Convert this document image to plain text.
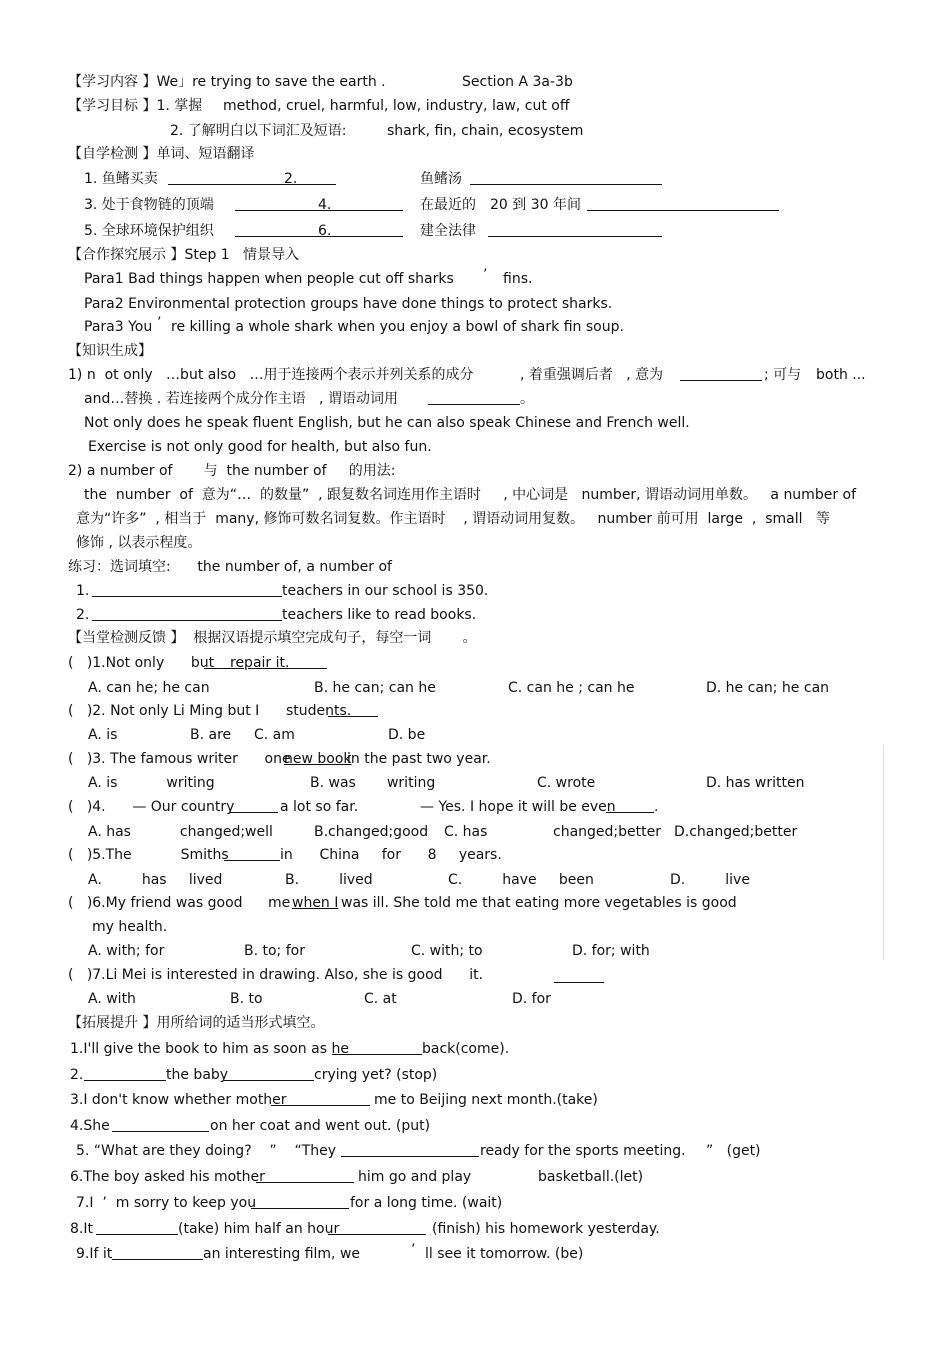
【学习内容 】We」re trying to save the earth .	Section A 3a-3b
【学习目标 】1. 掌握 method, cruel, harmful, low, industry, law, cut off
2. 了解明白以下词汇及短语:	shark, fin, chain, ecosystem
【自学检测 】单词、短语翻译
1. 鱼鳍买卖	2.	鱼鳍汤
3. 处于食物链的顶端	4.	在最近的 20 到 30 年间
5. 全球环境保护组织	6.	建全法律
【合作探究展示 】Step 1   情景导入
Para1 Bad things happen when people cut off sharks ’ fins.
Para2 Environmental protection groups have done things to protect sharks.
Para3 You ’ re killing a whole shark when you enjoy a bowl of shark fin soup.
【知识生成】
1) n  ot only   …but also   …用于连接两个表示并列关系的成分	, 着重强调后者   , 意为	; 可与 both ...
and…替换 . 若连接两个成分作主语   , 谓语动词用	。
Not only does he speak fluent English, but he can also speak Chinese and French well.
Exercise is not only good for health, but also fun.
2) a number of       与  the number of     的用法:
the  number  of  意为“…  的数量”  , 跟复数名词连用作主语时     , 中心词是   number, 谓语动词用单数。   a number of
意为“许多”  , 相当于  many, 修饰可数名词复数。作主语时    , 谓语动词用复数。   number 前可用  large  ,  small   等
修饰 , 以表示程度。
练习：选词填空:      the number of, a number of
1.	teachers in our school is 350.
2.	teachers like to read books.
【当堂检测反馈 】  根据汉语提示填空完成句子，每空一词       。
(   )1.Not only      but repair it.
A. can he; he can	B. he can; can he	C. can he ; can he	D. he can; he can
(   )2. Not only Li Ming but I      students.
A. is	B. are C. am	D. be
(   )3. The famous writer      one
new book
in the past two year.
A. is           writing	B. was       writing	C. wrote	D. has written
(   )4.      — Our country	a lot so far.	— Yes. I hope it will be even	.
A. has           changed;well	B.changed;good C. has	changed;better D.changed;better
(   )5.The           Smiths	in      China     for      8     years.
A.         has     lived	B.         lived	C.         have     been	D.         live
(   )6.My friend was good me when I was ill. She told me that eating more vegetables is good
my health.
A. with; for	B. to; for	C. with; to	D. for; with
(   )7.Li Mei is interested in drawing. Also, she is good      it.
A. with	B. to	C. at	D. for
【拓展提升 】用所给词的适当形式填空。
1.I'll give the book to him as soon as he	back(come).
2.	the baby	crying yet? (stop)
3.I don't know whether mother	me to Beijing next month.(take)
4.She	on her coat and went out. (put)
5. “What are they doing?    ”    “They	ready for the sports meeting. ”   (get)
6.The boy asked his mother	him go and play	basketball.(let)
7.I  ’  m sorry to keep you	for a long time. (wait)
8.It	(take) him half an hour	(finish) his homework yesterday.
9.If it	an interesting film, we	’ ll see it tomorrow. (be)
